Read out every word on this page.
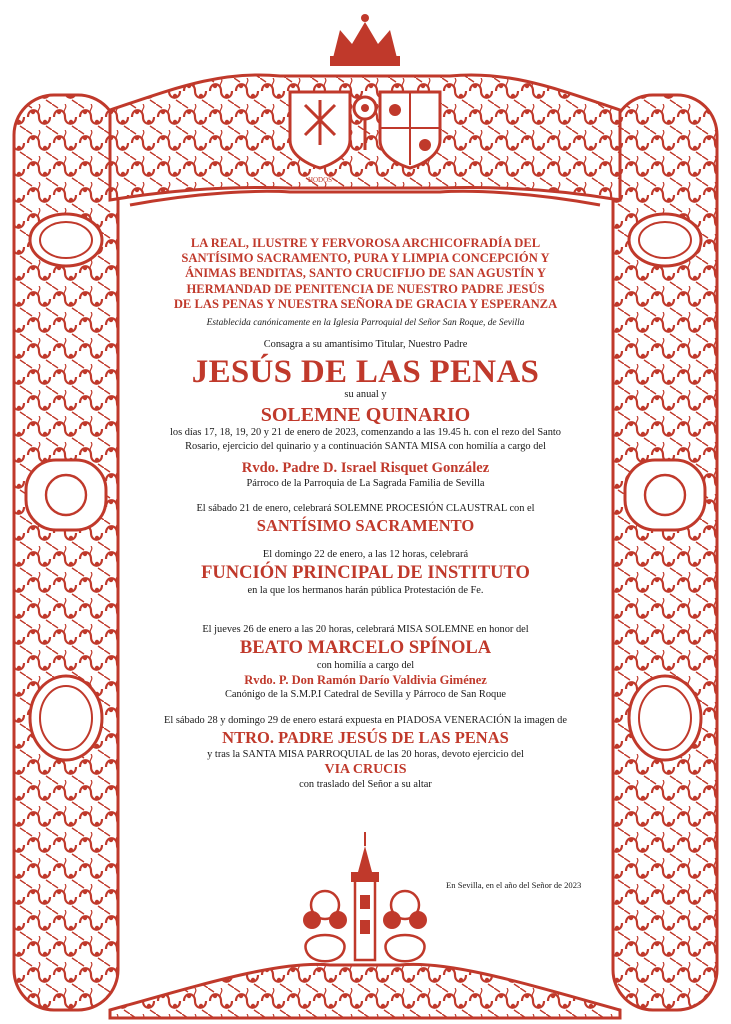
HODOS
LA REAL, ILUSTRE Y FERVOROSA ARCHICOFRADÍA DEL
SANTÍSIMO SACRAMENTO, PURA Y LIMPIA CONCEPCIÓN Y
ÁNIMAS BENDITAS, SANTO CRUCIFIJO DE SAN AGUSTÍN Y
HERMANDAD DE PENITENCIA DE NUESTRO PADRE JESÚS
DE LAS PENAS Y NUESTRA SEÑORA DE GRACIA Y ESPERANZA
Establecida canónicamente en la Iglesia Parroquial del Señor San Roque, de Sevilla
Consagra a su amantísimo Titular, Nuestro Padre
JESÚS DE LAS PENAS
su anual y
SOLEMNE QUINARIO
los días 17, 18, 19, 20 y 21 de enero de 2023, comenzando a las 19.45 h. con el rezo del Santo
Rosario, ejercicio del quinario y a continuación SANTA MISA con homilía a cargo del
Rvdo. Padre D. Israel Risquet González
Párroco de la Parroquia de La Sagrada Familia de Sevilla
El sábado 21 de enero, celebrará SOLEMNE PROCESIÓN CLAUSTRAL con el
SANTÍSIMO SACRAMENTO
El domingo 22 de enero, a las 12 horas, celebrará
FUNCIÓN PRINCIPAL DE INSTITUTO
en la que los hermanos harán pública Protestación de Fe.
El jueves 26 de enero a las 20 horas, celebrará MISA SOLEMNE en honor del
BEATO MARCELO SPÍNOLA
con homilía a cargo del
Rvdo. P. Don Ramón Darío Valdivia Giménez
Canónigo de la S.M.P.I Catedral de Sevilla y Párroco de San Roque
El sábado 28 y domingo 29 de enero estará expuesta en PIADOSA VENERACIÓN la imagen de
NTRO. PADRE JESÚS DE LAS PENAS
y tras la SANTA MISA PARROQUIAL de las 20 horas, devoto ejercicio del
VIA CRUCIS
con traslado del Señor a su altar
En Sevilla, en el año del Señor de 2023
